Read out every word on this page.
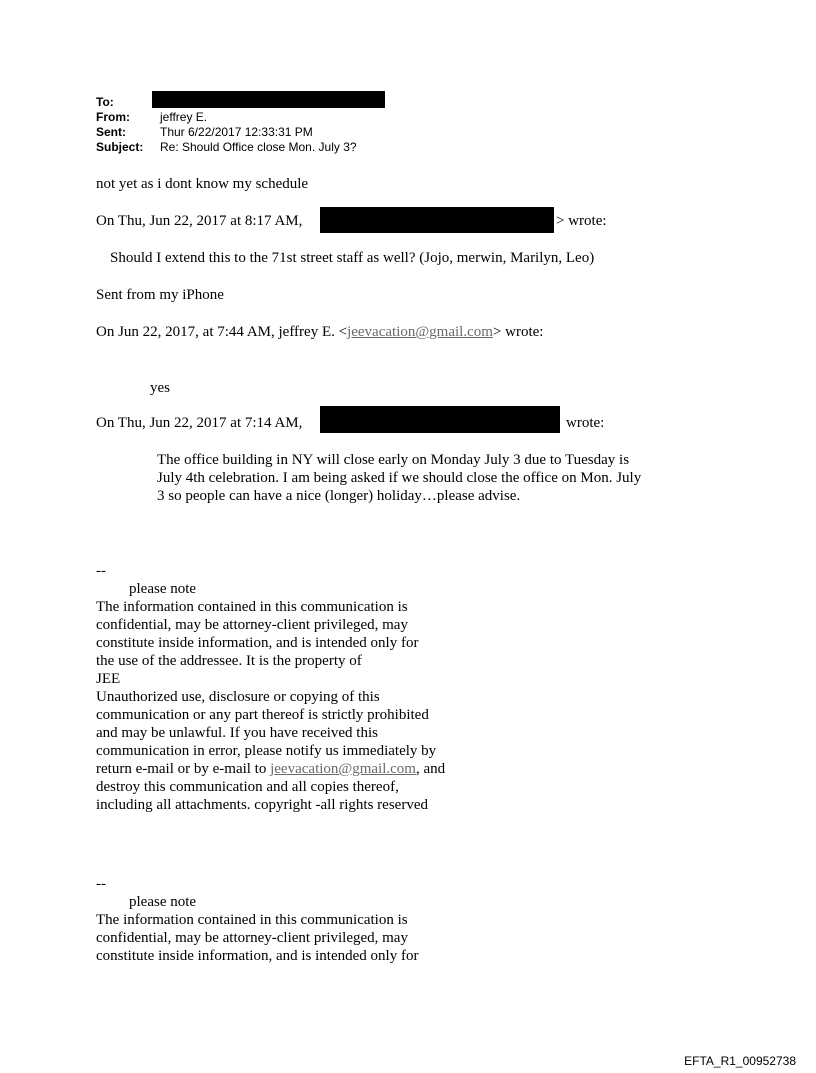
To:
From:	jeffrey E.
Sent:	Thur 6/22/2017 12:33:31 PM
Subject:	Re: Should Office close Mon. July 3?
not yet as i dont know my schedule
On Thu, Jun 22, 2017 at 8:17 AM,	> wrote:
Should I extend this to the 71st street staff as well? (Jojo, merwin, Marilyn, Leo)
Sent from my iPhone
On Jun 22, 2017, at 7:44 AM, jeffrey E. <jeevacation@gmail.com> wrote:
yes
On Thu, Jun 22, 2017 at 7:14 AM,	wrote:
The office building in NY will close early on Monday July 3 due to Tuesday is
July 4th celebration. I am being asked if we should close the office on Mon. July
3 so people can have a nice (longer) holiday…please advise.
--
please note
The information contained in this communication is
confidential, may be attorney-client privileged, may
constitute inside information, and is intended only for
the use of the addressee. It is the property of
JEE
Unauthorized use, disclosure or copying of this
communication or any part thereof is strictly prohibited
and may be unlawful. If you have received this
communication in error, please notify us immediately by
return e-mail or by e-mail to jeevacation@gmail.com, and
destroy this communication and all copies thereof,
including all attachments. copyright -all rights reserved
--
please note
The information contained in this communication is
confidential, may be attorney-client privileged, may
constitute inside information, and is intended only for
EFTA_R1_00952738
